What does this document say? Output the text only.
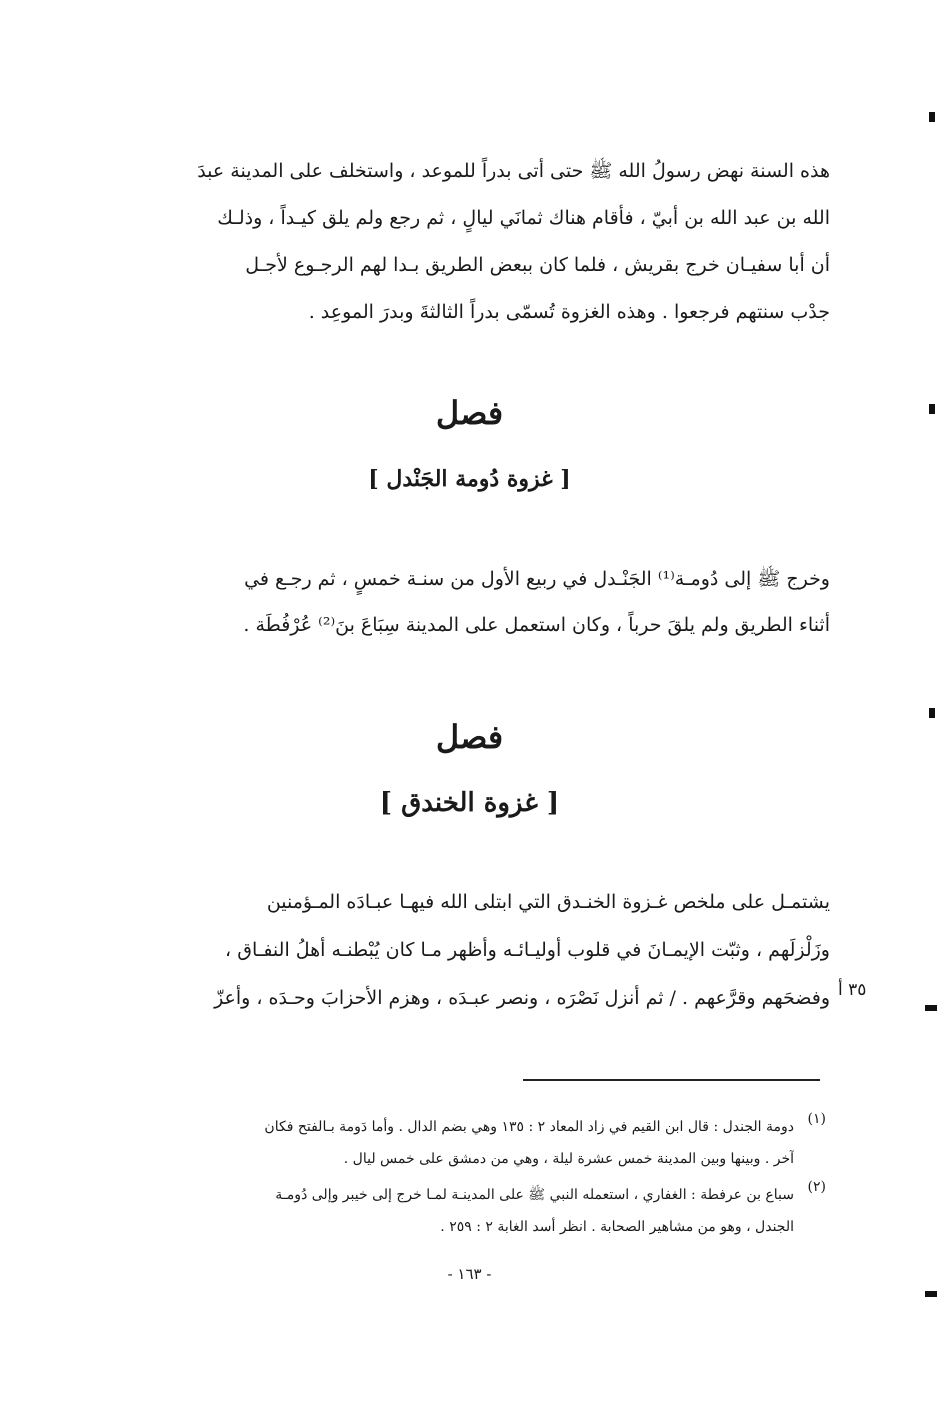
هذه السنة نهض رسولُ الله ﷺ حتى أتى بدراً للموعد ، واستخلف على المدينة عبدَ
الله بن عبد الله بن أبيّ ، فأقام هناك ثمانَي ليالٍ ، ثم رجع ولم يلق كيـداً ، وذلـك
أن أبا سفيـان خرج بقريش ، فلما كان ببعض الطريق بـدا لهم الرجـوع لأجـل
جدْب سنتهم فرجعوا . وهذه الغزوة تُسمّى بدراً الثالثةَ وبدرَ الموعِد .
فصل
[ غزوة دُومة الجَنْدل ]
وخرج ﷺ إلى دُومـة⁽¹⁾ الجَنْـدل في ربيع الأول من سنـة خمسٍ ، ثم رجـع في
أثناء الطريق ولم يلقَ حرباً ، وكان استعمل على المدينة سِبَاعَ بنَ⁽²⁾ عُرْفُطَة .
فصل
[ غزوة الخندق ]
يشتمـل على ملخص غـزوة الخنـدق التي ابتلى الله فيهـا عبـادَه المـؤمنين
وزَلْزلَهم ، وثبّت الإيمـانَ في قلوب أوليـائـه وأظهر مـا كان يُبْطنـه أهلُ النفـاق ،
وفضحَهم وقرَّعهم . / ثم أنزل نَصْرَه ، ونصر عبـدَه ، وهزم الأحزابَ وحـدَه ، وأعزّ ٣٥ أ
(١)
دومة الجندل : قال ابن القيم في زاد المعاد ٢ : ١٣٥ وهي بضم الدال . وأما دَومة بـالفتح فكان
آخر . وبينها وبين المدينة خمس عشرة ليلة ، وهي من دمشق على خمس ليال .
(٢)
سباع بن عرفطة : الغفاري ، استعمله النبي ﷺ على المدينـة لمـا خرج إلى خيبر وإلى دُومـة
الجندل ، وهو من مشاهير الصحابة . انظر أسد الغابة ٢ : ٢٥٩ .
- ١٦٣ -
